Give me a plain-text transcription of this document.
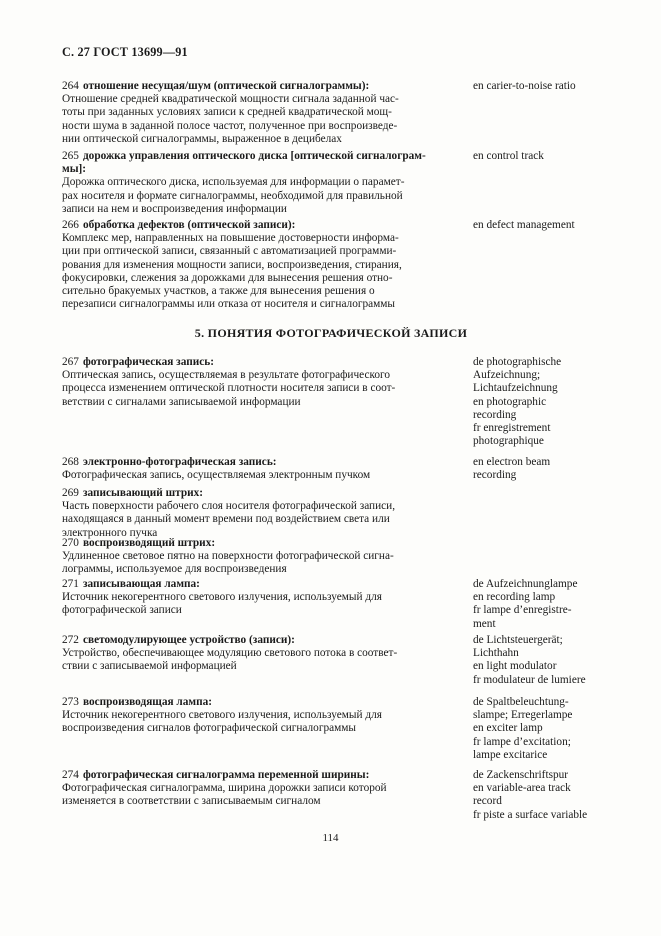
С. 27 ГОСТ 13699—91
264 отношение несущая/шум (оптической сигналограммы):
Отношение средней квадратической мощности сигнала заданной час-
тоты при заданных условиях записи к средней квадратической мощ-
ности шума в заданной полосе частот, полученное при воспроизведе-
нии оптической сигналограммы, выраженное в децибелах
en carier-to-noise ratio
265 дорожка управления оптического диска [оптической сигналограм-
мы]:
Дорожка оптического диска, используемая для информации о парамет-
рах носителя и формате сигналограммы, необходимой для правильной
записи на нем и воспроизведения информации
en control track
266 обработка дефектов (оптической записи):
Комплекс мер, направленных на повышение достоверности информа-
ции при оптической записи, связанный с автоматизацией программи-
рования для изменения мощности записи, воспроизведения, стирания,
фокусировки, слежения за дорожками для вынесения решения отно-
сительно бракуемых участков, а также для вынесения решения о
перезаписи сигналограммы или отказа от носителя и сигналограммы
en defect management
5. ПОНЯТИЯ ФОТОГРАФИЧЕСКОЙ ЗАПИСИ
267 фотографическая запись:
Оптическая запись, осуществляемая в результате фотографического
процесса изменением оптической плотности носителя записи в соот-
ветствии с сигналами записываемой информации
de photographische
Aufzeichnung;
Lichtaufzeichnung
en photographic
recording
fr enregistrement
photographique
268 электронно-фотографическая запись:
Фотографическая запись, осуществляемая электронным пучком
en electron beam
recording
269 записывающий штрих:
Часть поверхности рабочего слоя носителя фотографической записи,
находящаяся в данный момент времени под воздействием света или
электронного пучка
270 воспроизводящий штрих:
Удлиненное световое пятно на поверхности фотографической сигна-
лограммы, используемое для воспроизведения
271 записывающая лампа:
Источник некогерентного светового излучения, используемый для
фотографической записи
de Aufzeichnunglampe
en recording lamp
fr lampe d’enregistre-
ment
272 светомодулирующее устройство (записи):
Устройство, обеспечивающее модуляцию светового потока в соответ-
ствии с записываемой информацией
de Lichtsteuergerät;
Lichthahn
en light modulator
fr modulateur de lumiere
273 воспроизводящая лампа:
Источник некогерентного светового излучения, используемый для
воспроизведения сигналов фотографической сигналограммы
de Spaltbeleuchtung-
slampe; Erregerlampe
en exciter lamp
fr lampe d’excitation;
lampe excitarice
274 фотографическая сигналограмма переменной ширины:
Фотографическая сигналограмма, ширина дорожки записи которой
изменяется в соответствии с записываемым сигналом
de Zackenschriftspur
en variable-area track
record
fr piste a surface variable
114
